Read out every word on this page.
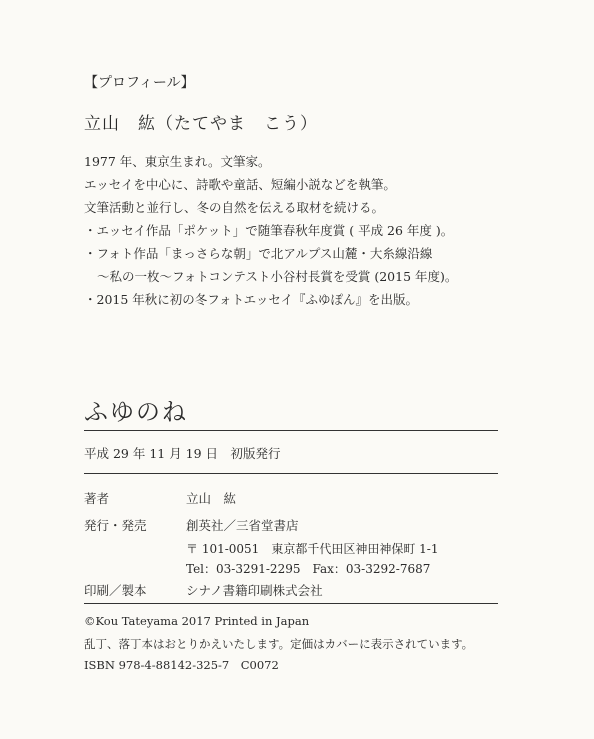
【プロフィール】
立山　紘（たてやま　こう）
1977 年、東京生まれ。文筆家。
エッセイを中心に、詩歌や童話、短編小説などを執筆。
文筆活動と並行し、冬の自然を伝える取材を続ける。
・エッセイ作品「ポケット」で随筆春秋年度賞 ( 平成 26 年度 )。
・フォト作品「まっさらな朝」で北アルプス山麓・大糸線沿線
～私の一枚～フォトコンテスト小谷村長賞を受賞 (2015 年度)。
・2015 年秋に初の冬フォトエッセイ『ふゆぽん』を出版。
ふゆのね
平成 29 年 11 月 19 日　初版発行
著者	立山　紘
発行・発売	創英社／三省堂書店
〒 101-0051　東京都千代田区神田神保町 1-1
Tel：03-3291-2295　Fax：03-3292-7687
印刷／製本	シナノ書籍印刷株式会社
©Kou Tateyama 2017 Printed in Japan
乱丁、落丁本はおとりかえいたします。定価はカバーに表示されています。
ISBN 978-4-88142-325-7　C0072
